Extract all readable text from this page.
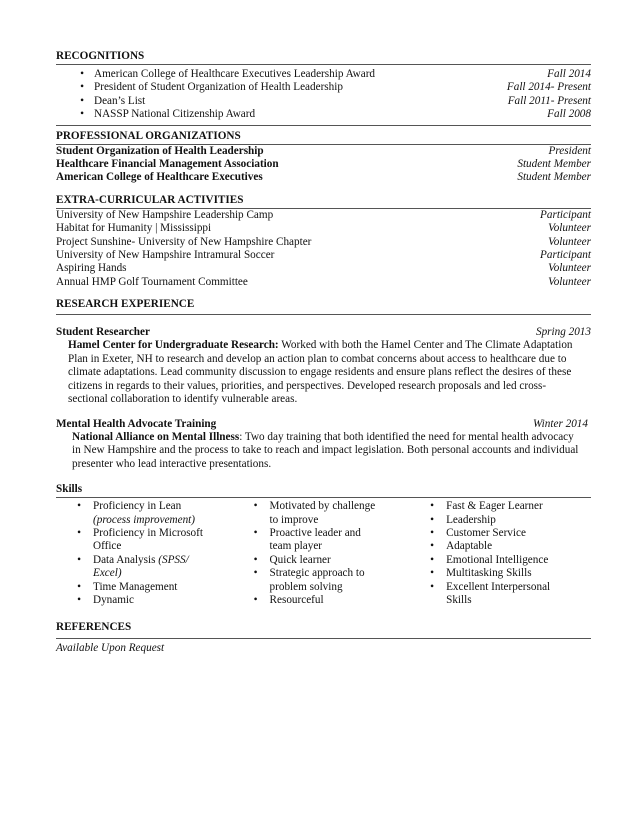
RECOGNITIONS
• American College of Healthcare Executives Leadership Award	Fall 2014
• President of Student Organization of Health Leadership	Fall 2014- Present
• Dean’s List	Fall 2011- Present
• NASSP National Citizenship Award	Fall 2008
PROFESSIONAL ORGANIZATIONS
Student Organization of Health Leadership	President
Healthcare Financial Management Association	Student Member
American College of Healthcare Executives	Student Member
EXTRA-CURRICULAR ACTIVITIES
University of New Hampshire Leadership Camp	Participant
Habitat for Humanity | Mississippi	Volunteer
Project Sunshine- University of New Hampshire Chapter	Volunteer
University of New Hampshire Intramural Soccer	Participant
Aspiring Hands	Volunteer
Annual HMP Golf Tournament Committee	Volunteer
RESEARCH EXPERIENCE
Student Researcher	Spring 2013
Hamel Center for Undergraduate Research: Worked with both the Hamel Center and The Climate Adaptation
Plan in Exeter, NH to research and develop an action plan to combat concerns about access to healthcare due to
climate adaptations. Lead community discussion to engage residents and ensure plans reflect the desires of these
citizens in regards to their values, priorities, and perspectives. Developed research proposals and led cross-
sectional collaboration to identify vulnerable areas.
Mental Health Advocate Training	Winter 2014
National Alliance on Mental Illness: Two day training that both identified the need for mental health advocacy
in New Hampshire and the process to take to reach and impact legislation. Both personal accounts and individual
presenter who lead interactive presentations.
Skills
•	Proficiency in Lean
(process improvement)
•	Proficiency in Microsoft
Office
•	Data Analysis (SPSS/
Excel)
•	Time Management
•	Dynamic
•	Motivated by challenge
to improve
•	Proactive leader and
team player
•	Quick learner
•	Strategic approach to
problem solving
•	Resourceful
•	Fast & Eager Learner
•	Leadership
•	Customer Service
•	Adaptable
•	Emotional Intelligence
•	Multitasking Skills
•	Excellent Interpersonal
Skills
REFERENCES
Available Upon Request
